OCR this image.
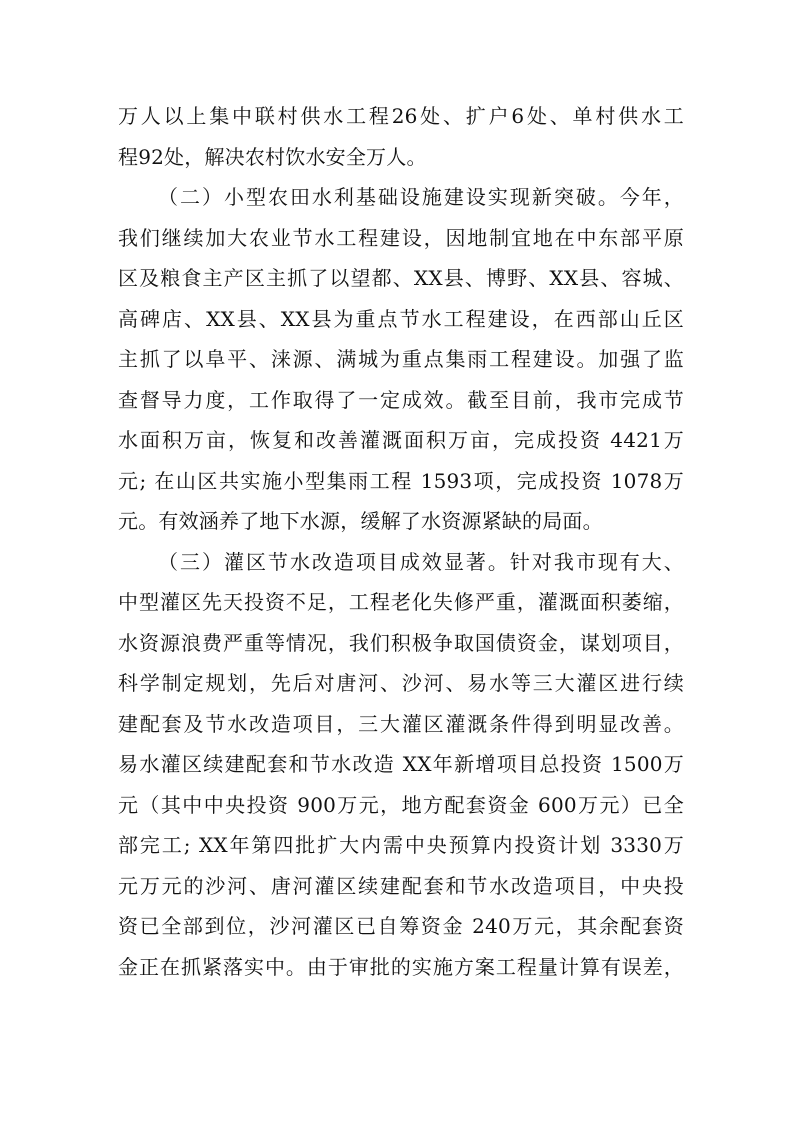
万人以上集中联村供水工程26处、扩户6处、单村供水工
程92处，解决农村饮水安全万人。
（二）小型农田水利基础设施建设实现新突破。今年，
我们继续加大农业节水工程建设，因地制宜地在中东部平原
区及粮食主产区主抓了以望都、XX县、博野、XX县、容城、
高碑店、XX县、XX县为重点节水工程建设，在西部山丘区
主抓了以阜平、涞源、满城为重点集雨工程建设。加强了监
查督导力度，工作取得了一定成效。截至目前，我市完成节
水面积万亩，恢复和改善灌溉面积万亩，完成投资 4421万
元; 在山区共实施小型集雨工程 1593项，完成投资 1078万
元。有效涵养了地下水源，缓解了水资源紧缺的局面。
（三）灌区节水改造项目成效显著。针对我市现有大、
中型灌区先天投资不足，工程老化失修严重，灌溉面积萎缩，
水资源浪费严重等情况，我们积极争取国债资金，谋划项目，
科学制定规划，先后对唐河、沙河、易水等三大灌区进行续
建配套及节水改造项目，三大灌区灌溉条件得到明显改善。
易水灌区续建配套和节水改造 XX年新增项目总投资 1500万
元（其中中央投资 900万元，地方配套资金 600万元）已全
部完工; XX年第四批扩大内需中央预算内投资计划 3330万
元万元的沙河、唐河灌区续建配套和节水改造项目，中央投
资已全部到位，沙河灌区已自筹资金 240万元，其余配套资
金正在抓紧落实中。由于审批的实施方案工程量计算有误差，
